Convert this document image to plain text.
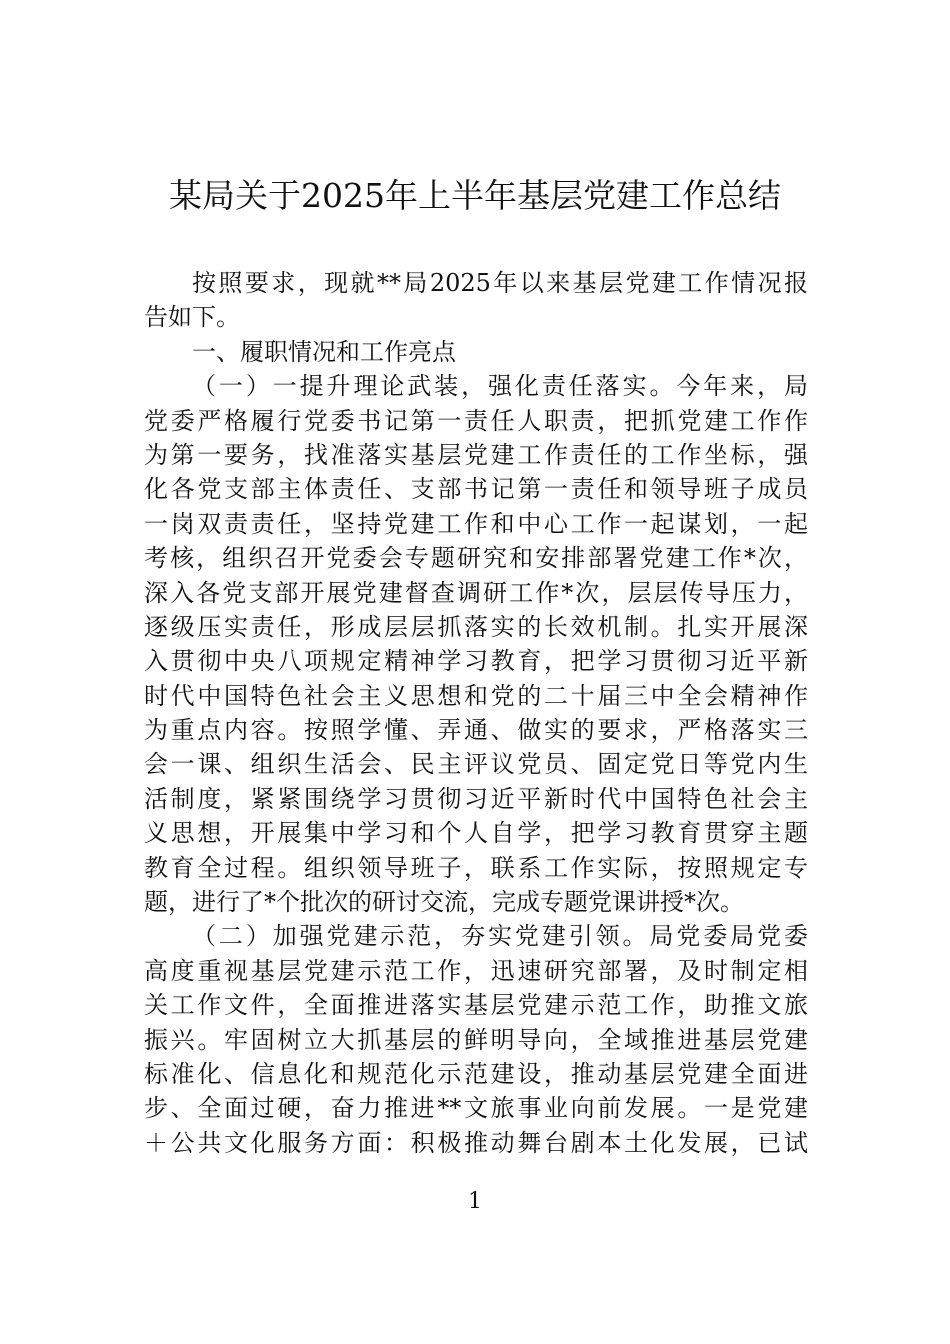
某局关于2025年上半年基层党建工作总结
按照要求，现就**局2025年以来基层党建工作情况报
告如下。
一、履职情况和工作亮点
（一）一提升理论武装，强化责任落实。今年来，局
党委严格履行党委书记第一责任人职责，把抓党建工作作
为第一要务，找准落实基层党建工作责任的工作坐标，强
化各党支部主体责任、支部书记第一责任和领导班子成员
一岗双责责任，坚持党建工作和中心工作一起谋划，一起
考核，组织召开党委会专题研究和安排部署党建工作*次，
深入各党支部开展党建督查调研工作*次，层层传导压力，
逐级压实责任，形成层层抓落实的长效机制。扎实开展深
入贯彻中央八项规定精神学习教育，把学习贯彻习近平新
时代中国特色社会主义思想和党的二十届三中全会精神作
为重点内容。按照学懂、弄通、做实的要求，严格落实三
会一课、组织生活会、民主评议党员、固定党日等党内生
活制度，紧紧围绕学习贯彻习近平新时代中国特色社会主
义思想，开展集中学习和个人自学，把学习教育贯穿主题
教育全过程。组织领导班子，联系工作实际，按照规定专
题，进行了*个批次的研讨交流，完成专题党课讲授*次。
（二）加强党建示范，夯实党建引领。局党委局党委
高度重视基层党建示范工作，迅速研究部署，及时制定相
关工作文件，全面推进落实基层党建示范工作，助推文旅
振兴。牢固树立大抓基层的鲜明导向，全域推进基层党建
标准化、信息化和规范化示范建设，推动基层党建全面进
步、全面过硬，奋力推进**文旅事业向前发展。一是党建
＋公共文化服务方面：积极推动舞台剧本土化发展，已试
1
